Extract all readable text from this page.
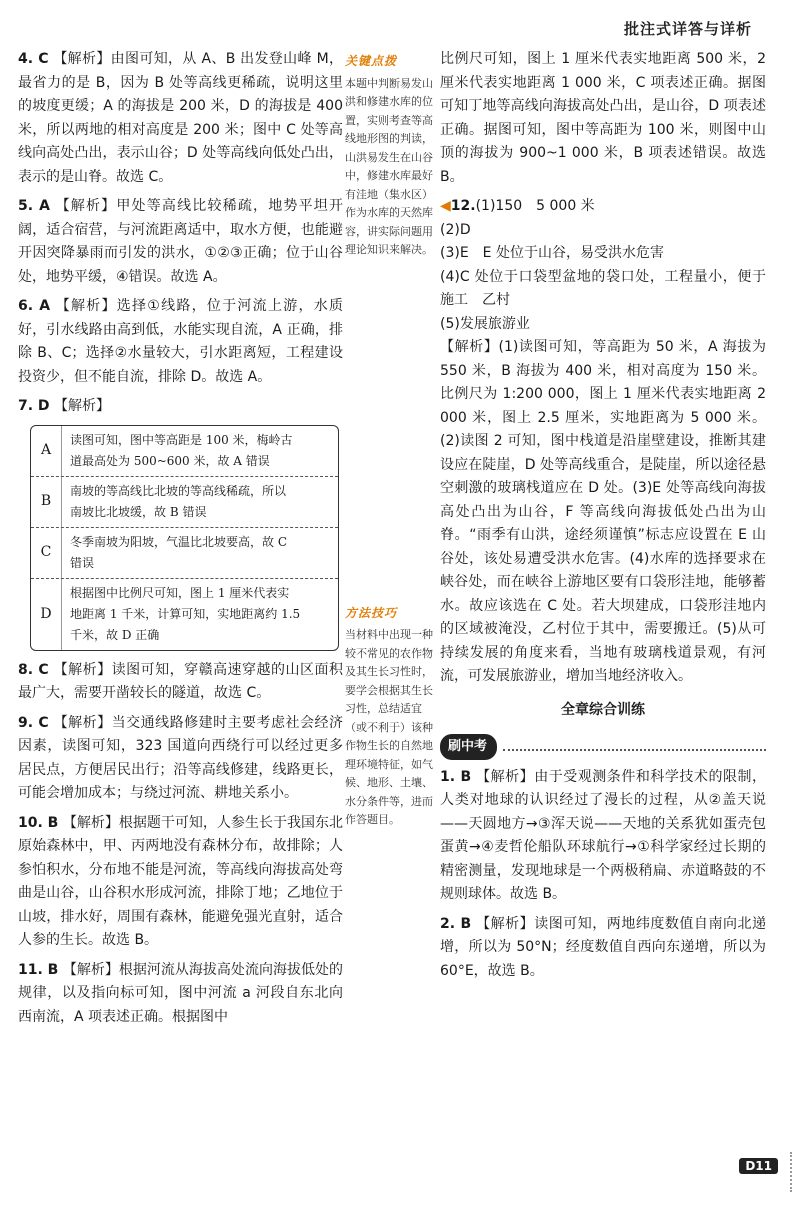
批注式详答与详析
4. C 【解析】由图可知，从 A、B 出发登山峰 M，最省力的是 B，因为 B 处等高线更稀疏，说明这里的坡度更缓；A 的海拔是 200 米，D 的海拔是 400 米，所以两地的相对高度是 200 米；图中 C 处等高线向高处凸出，表示山谷；D 处等高线向低处凸出，表示的是山脊。故选 C。
5. A 【解析】甲处等高线比较稀疏，地势平坦开阔，适合宿营，与河流距离适中，取水方便，也能避开因突降暴雨而引发的洪水，①②③正确；位于山谷处，地势平缓，④错误。故选 A。
6. A 【解析】选择①线路，位于河流上游，水质好，引水线路由高到低，水能实现自流，A 正确，排除 B、C；选择②水量较大，引水距离短，工程建设投资少，但不能自流，排除 D。故选 A。
7. D 【解析】
A
读图可知，图中等高距是 100 米，梅岭古
道最高处为 500~600 米，故 A 错误
B
南坡的等高线比北坡的等高线稀疏，所以
南坡比北坡缓，故 B 错误
C
冬季南坡为阳坡，气温比北坡要高，故 C
错误
D
根据图中比例尺可知，图上 1 厘米代表实
地距离 1 千米，计算可知，实地距离约 1.5
千米，故 D 正确
8. C 【解析】读图可知，穿赣高速穿越的山区面积最广大，需要开凿较长的隧道，故选 C。
9. C 【解析】当交通线路修建时主要考虑社会经济因素，读图可知，323 国道向西绕行可以经过更多居民点，方便居民出行；沿等高线修建，线路更长，可能会增加成本；与绕过河流、耕地关系小。
10. B 【解析】根据题干可知，人参生长于我国东北原始森林中，甲、丙两地没有森林分布，故排除；人参怕积水，分布地不能是河流，等高线向海拔高处弯曲是山谷，山谷积水形成河流，排除丁地；乙地位于山坡，排水好，周围有森林，能避免强光直射，适合人参的生长。故选 B。
11. B 【解析】根据河流从海拔高处流向海拔低处的规律，以及指向标可知，图中河流 a 河段自东北向西南流，A 项表述正确。根据图中
关键点拨
本题中判断易发山洪和修建水库的位置，实则考查等高线地形图的判读，山洪易发生在山谷中，修建水库最好有洼地（集水区）作为水库的天然库容，讲实际问题用理论知识来解决。
方法技巧
当材料中出现一种较不常见的农作物及其生长习性时，要学会根据其生长习性，总结适宜（或不利于）该种作物生长的自然地理环境特征，如气候、地形、土壤、水分条件等，进而作答题目。
比例尺可知，图上 1 厘米代表实地距离 500 米，2 厘米代表实地距离 1 000 米，C 项表述正确。据图可知丁地等高线向海拔高处凸出，是山谷，D 项表述正确。据图可知，图中等高距为 100 米，则图中山顶的海拔为 900~1 000 米，B 项表述错误。故选 B。
◀12.(1)150　5 000 米
(2)D
(3)E　E 处位于山谷，易受洪水危害
(4)C 处位于口袋型盆地的袋口处，工程量小，便于施工　乙村
(5)发展旅游业
【解析】(1)读图可知，等高距为 50 米，A 海拔为 550 米，B 海拔为 400 米，相对高度为 150 米。比例尺为 1:200 000，图上 1 厘米代表实地距离 2 000 米，图上 2.5 厘米，实地距离为 5 000 米。(2)读图 2 可知，图中栈道是沿崖壁建设，推断其建设应在陡崖，D 处等高线重合，是陡崖，所以途径悬空刺激的玻璃栈道应在 D 处。(3)E 处等高线向海拔高处凸出为山谷，F 等高线向海拔低处凸出为山脊。“雨季有山洪，途经须谨慎”标志应设置在 E 山谷处，该处易遭受洪水危害。(4)水库的选择要求在峡谷处，而在峡谷上游地区要有口袋形洼地，能够蓄水。故应该选在 C 处。若大坝建成，口袋形洼地内的区域被淹没，乙村位于其中，需要搬迁。(5)从可持续发展的角度来看，当地有玻璃栈道景观，有河流，可发展旅游业，增加当地经济收入。
全章综合训练
刷中考
1. B 【解析】由于受观测条件和科学技术的限制，人类对地球的认识经过了漫长的过程，从②盖天说——天圆地方→③浑天说——天地的关系犹如蛋壳包蛋黄→④麦哲伦船队环球航行→①科学家经过长期的精密测量，发现地球是一个两极稍扁、赤道略鼓的不规则球体。故选 B。
2. B 【解析】读图可知，两地纬度数值自南向北递增，所以为 50°N；经度数值自西向东递增，所以为 60°E，故选 B。
D11
